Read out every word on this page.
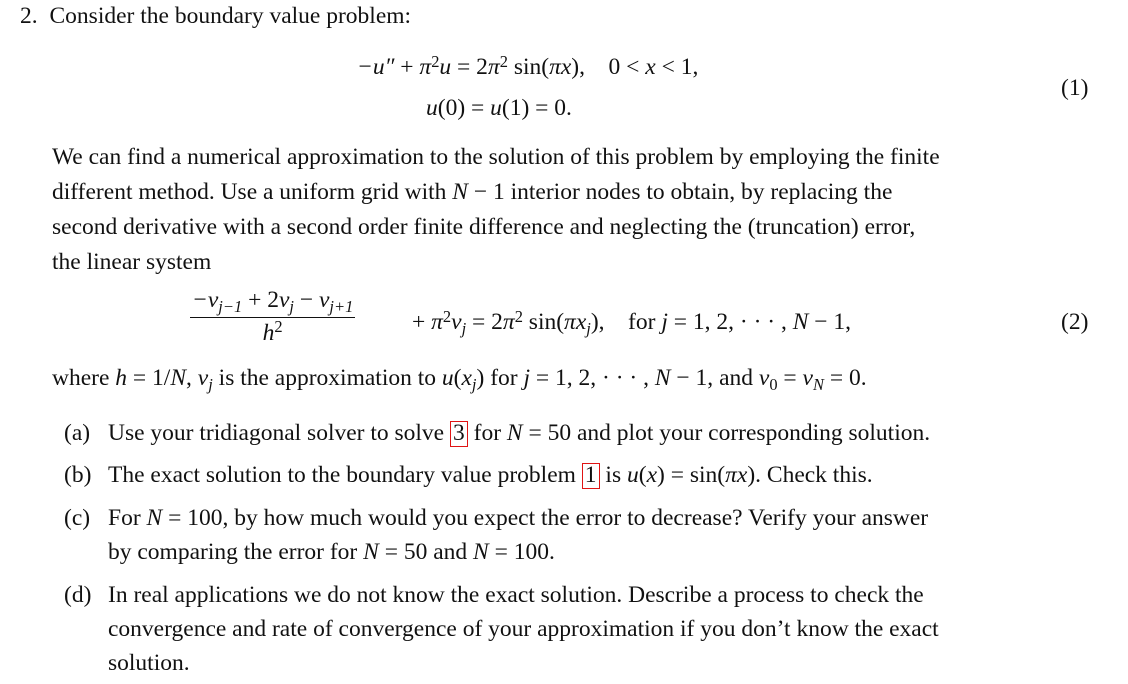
2. Consider the boundary value problem:
$-u'' + \pi^2u = 2\pi^2$ sin(πx),    0 < x < 1,
u(0) = u(1) = 0.
(1)
We can find a numerical approximation to the solution of this problem by employing the finite
different method. Use a uniform grid with N − 1 interior nodes to obtain, by replacing the
second derivative with a second order finite difference and neglecting the (truncation) error,
the linear system
$-v_{j-1} + 2v_j - v_{j+1}$
$h^2$	+ $\pi^2v_j = 2\pi^2$ $\sin(\pi x_j)$,    for j = 1, 2, · · · , N − 1,	(2)
where h = 1/N, $v_j$ is the approximation to $u(x_j)$ for j = 1, 2, · · · , N − 1, and $v_0 = v_N = 0$.
(a) Use your tridiagonal solver to solve 3 for N = 50 and plot your corresponding solution.
(b) The exact solution to the boundary value problem 1 is u(x) = sin(πx). Check this.
(c) For N = 100, by how much would you expect the error to decrease? Verify your answer
by comparing the error for N = 50 and N = 100.
(d) In real applications we do not know the exact solution. Describe a process to check the
convergence and rate of convergence of your approximation if you don’t know the exact
solution.
